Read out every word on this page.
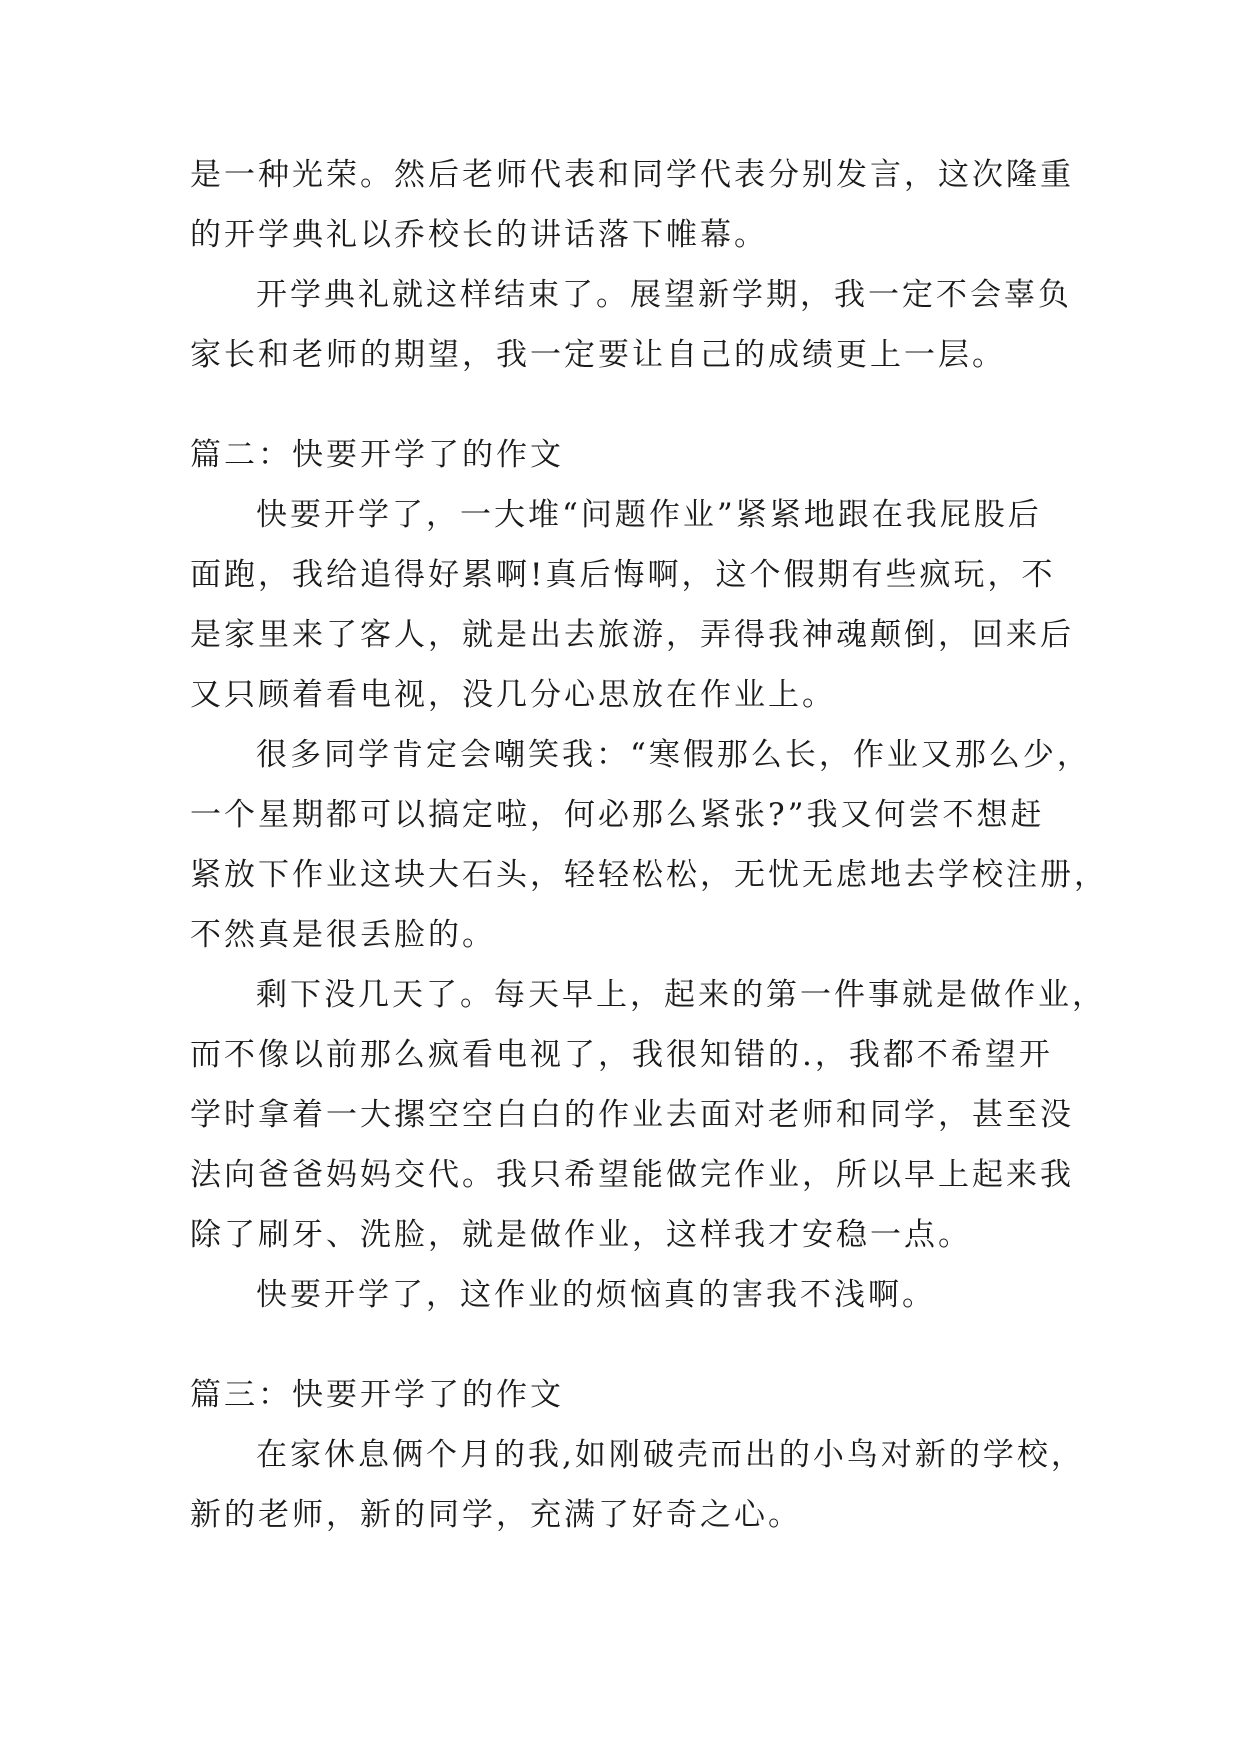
是一种光荣。然后老师代表和同学代表分别发言，这次隆重
的开学典礼以乔校长的讲话落下帷幕。
开学典礼就这样结束了。展望新学期，我一定不会辜负
家长和老师的期望，我一定要让自己的成绩更上一层。
篇二：快要开学了的作文
快要开学了，一大堆“问题作业”紧紧地跟在我屁股后
面跑，我给追得好累啊!真后悔啊，这个假期有些疯玩，不
是家里来了客人，就是出去旅游，弄得我神魂颠倒，回来后
又只顾着看电视，没几分心思放在作业上。
很多同学肯定会嘲笑我：“寒假那么长，作业又那么少，
一个星期都可以搞定啦，何必那么紧张?”我又何尝不想赶
紧放下作业这块大石头，轻轻松松，无忧无虑地去学校注册，
不然真是很丢脸的。
剩下没几天了。每天早上，起来的第一件事就是做作业，
而不像以前那么疯看电视了，我很知错的.，我都不希望开
学时拿着一大摞空空白白的作业去面对老师和同学，甚至没
法向爸爸妈妈交代。我只希望能做完作业，所以早上起来我
除了刷牙、洗脸，就是做作业，这样我才安稳一点。
快要开学了，这作业的烦恼真的害我不浅啊。
篇三：快要开学了的作文
在家休息俩个月的我,如刚破壳而出的小鸟对新的学校，
新的老师，新的同学，充满了好奇之心。
